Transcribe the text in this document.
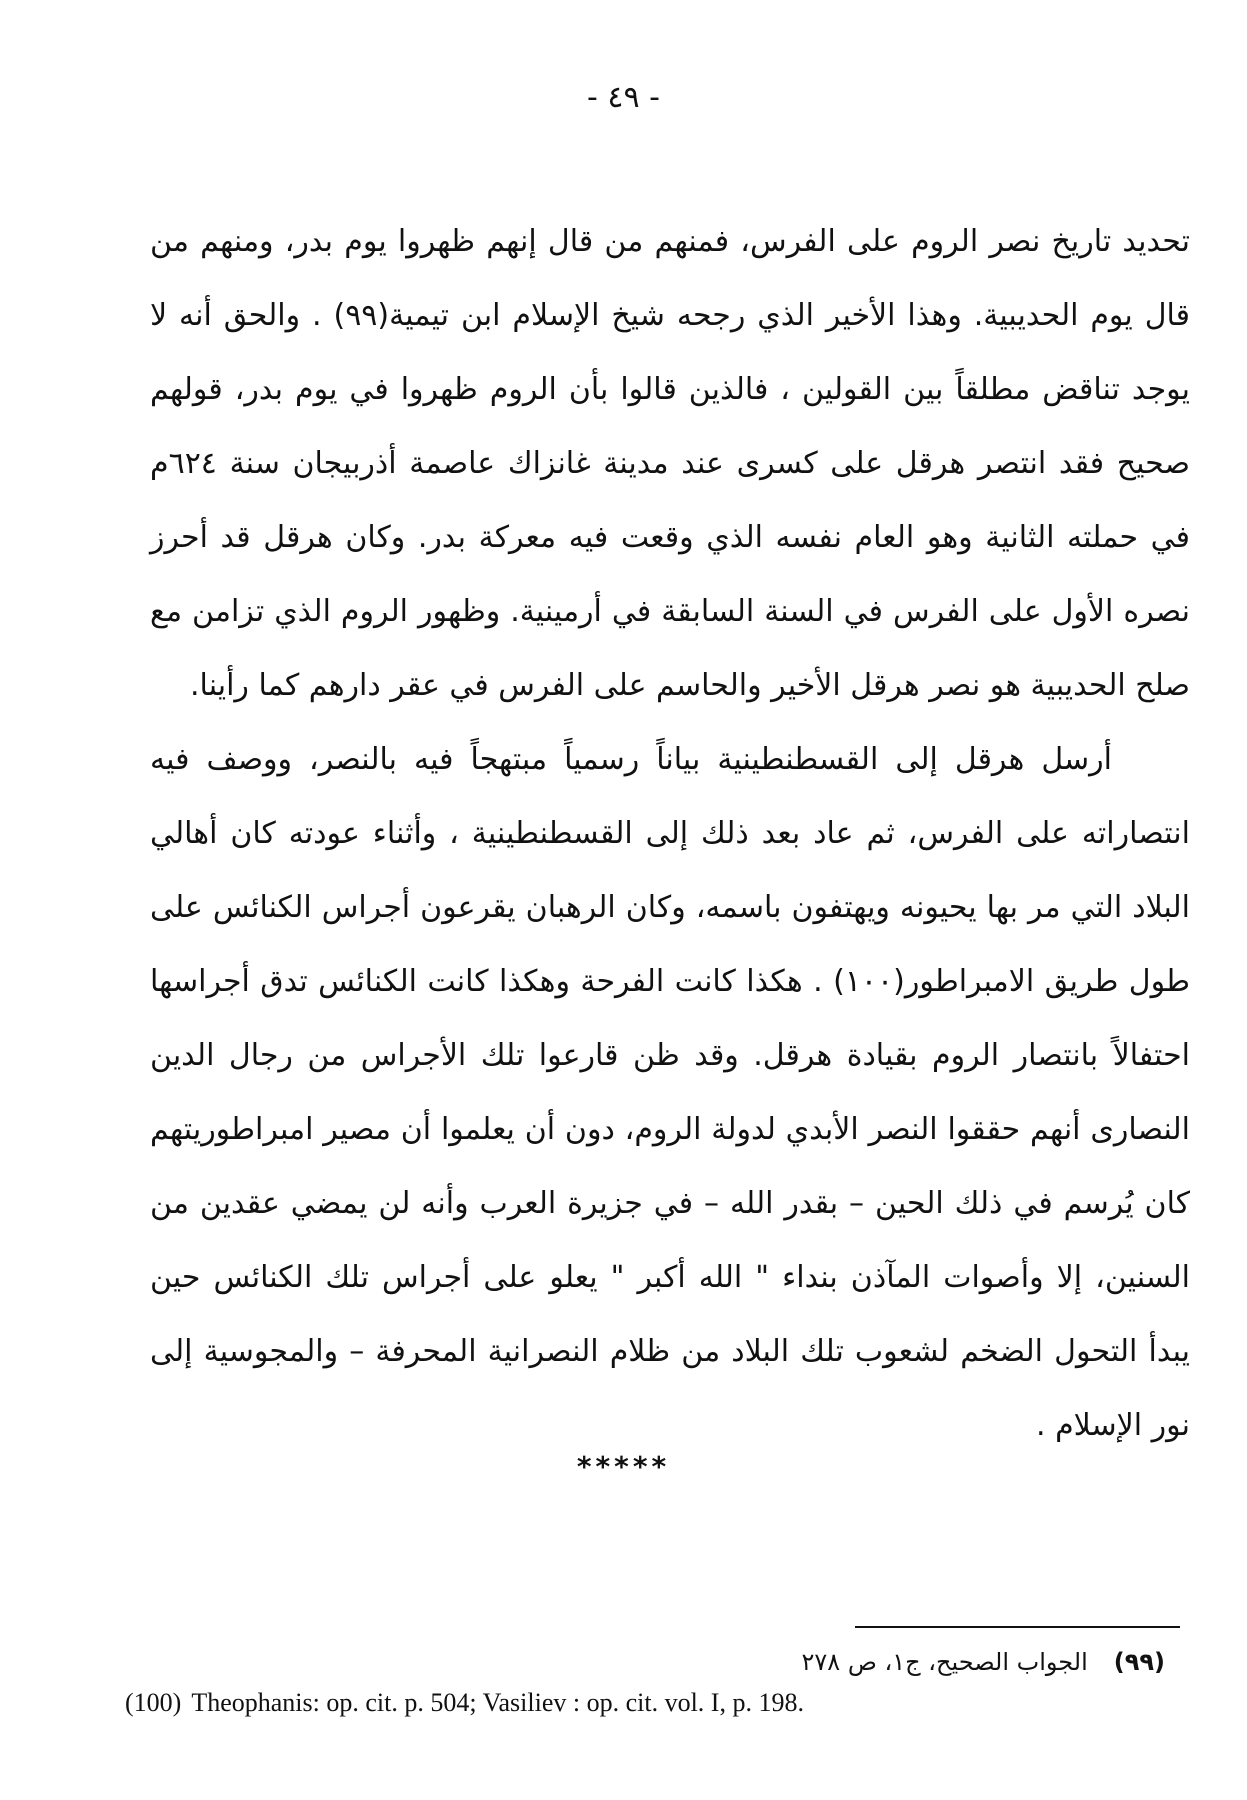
- ٤٩ -

تحديد تاريخ نصر الروم على الفرس، فمنهم من قال إنهم ظهروا يوم بدر، ومنهم من قال يوم الحديبية. وهذا الأخير الذي رجحه شيخ الإسلام ابن تيمية(٩٩) . والحق أنه لا يوجد تناقض مطلقاً بين القولين ، فالذين قالوا بأن الروم ظهروا في يوم بدر، قولهم صحيح فقد انتصر هرقل على كسرى عند مدينة غانزاك عاصمة أذربيجان سنة ٦٢٤م في حملته الثانية وهو العام نفسه الذي وقعت فيه معركة بدر. وكان هرقل قد أحرز نصره الأول على الفرس في السنة السابقة في أرمينية. وظهور الروم الذي تزامن مع صلح الحديبية هو نصر هرقل الأخير والحاسم على الفرس في عقر دارهم كما رأينا.

أرسل هرقل إلى القسطنطينية بياناً رسمياً مبتهجاً فيه بالنصر، ووصف فيه انتصاراته على الفرس، ثم عاد بعد ذلك إلى القسطنطينية ، وأثناء عودته كان أهالي البلاد التي مر بها يحيونه ويهتفون باسمه، وكان الرهبان يقرعون أجراس الكنائس على طول طريق الامبراطور(١٠٠) . هكذا كانت الفرحة وهكذا كانت الكنائس تدق أجراسها احتفالاً بانتصار الروم بقيادة هرقل. وقد ظن قارعوا تلك الأجراس من رجال الدين النصارى أنهم حققوا النصر الأبدي لدولة الروم، دون أن يعلموا أن مصير امبراطوريتهم كان يُرسم في ذلك الحين – بقدر الله – في جزيرة العرب وأنه لن يمضي عقدين من السنين، إلا وأصوات المآذن بنداء " الله أكبر " يعلو على أجراس تلك الكنائس حين يبدأ التحول الضخم لشعوب تلك البلاد من ظلام النصرانية المحرفة – والمجوسية إلى نور الإسلام .

*****
(٩٩)الجواب الصحيح، ج١، ص ٢٧٨
(100) Theophanis: op. cit. p. 504; Vasiliev : op. cit. vol. I, p. 198.
